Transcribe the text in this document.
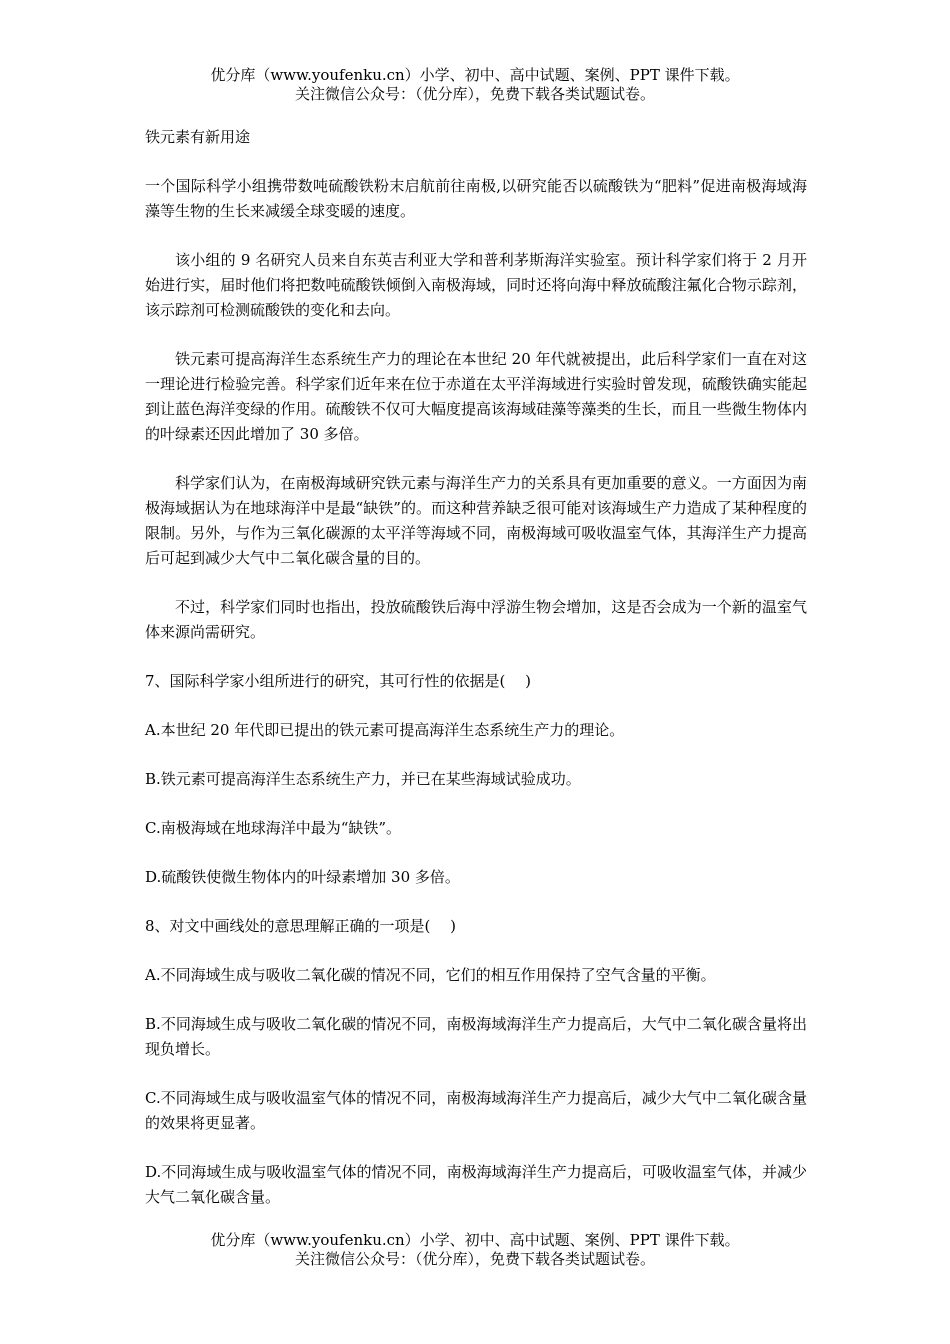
优分库（www.youfenku.cn）小学、初中、高中试题、案例、PPT 课件下载。
关注微信公众号：（优分库），免费下载各类试题试卷。

铁元素有新用途

一个国际科学小组携带数吨硫酸铁粉末启航前往南极,以研究能否以硫酸铁为“肥料”促进南极海域海藻等生物的生长来减缓全球变暖的速度。

该小组的 9 名研究人员来自东英吉利亚大学和普利茅斯海洋实验室。预计科学家们将于 2 月开始进行实，届时他们将把数吨硫酸铁倾倒入南极海域，同时还将向海中释放硫酸注氟化合物示踪剂，该示踪剂可检测硫酸铁的变化和去向。

铁元素可提高海洋生态系统生产力的理论在本世纪 20 年代就被提出，此后科学家们一直在对这一理论进行检验完善。科学家们近年来在位于赤道在太平洋海域进行实验时曾发现，硫酸铁确实能起到让蓝色海洋变绿的作用。硫酸铁不仅可大幅度提高该海域硅藻等藻类的生长，而且一些微生物体内的叶绿素还因此增加了 30 多倍。

科学家们认为，在南极海域研究铁元素与海洋生产力的关系具有更加重要的意义。一方面因为南极海域据认为在地球海洋中是最“缺铁”的。而这种营养缺乏很可能对该海域生产力造成了某种程度的限制。另外，与作为三氧化碳源的太平洋等海域不同，南极海域可吸收温室气体，其海洋生产力提高后可起到减少大气中二氧化碳含量的目的。

不过，科学家们同时也指出，投放硫酸铁后海中浮游生物会增加，这是否会成为一个新的温室气体来源尚需研究。

7、国际科学家小组所进行的研究，其可行性的依据是(　 )

A.本世纪 20 年代即已提出的铁元素可提高海洋生态系统生产力的理论。

B.铁元素可提高海洋生态系统生产力，并已在某些海域试验成功。

C.南极海域在地球海洋中最为“缺铁”。

D.硫酸铁使微生物体内的叶绿素增加 30 多倍。

8、对文中画线处的意思理解正确的一项是(　 )

A.不同海域生成与吸收二氧化碳的情况不同，它们的相互作用保持了空气含量的平衡。

B.不同海域生成与吸收二氧化碳的情况不同，南极海域海洋生产力提高后，大气中二氧化碳含量将出现负增长。

C.不同海域生成与吸收温室气体的情况不同，南极海域海洋生产力提高后，减少大气中二氧化碳含量的效果将更显著。

D.不同海域生成与吸收温室气体的情况不同，南极海域海洋生产力提高后，可吸收温室气体，并减少大气二氧化碳含量。

优分库（www.youfenku.cn）小学、初中、高中试题、案例、PPT 课件下载。
关注微信公众号：（优分库），免费下载各类试题试卷。
